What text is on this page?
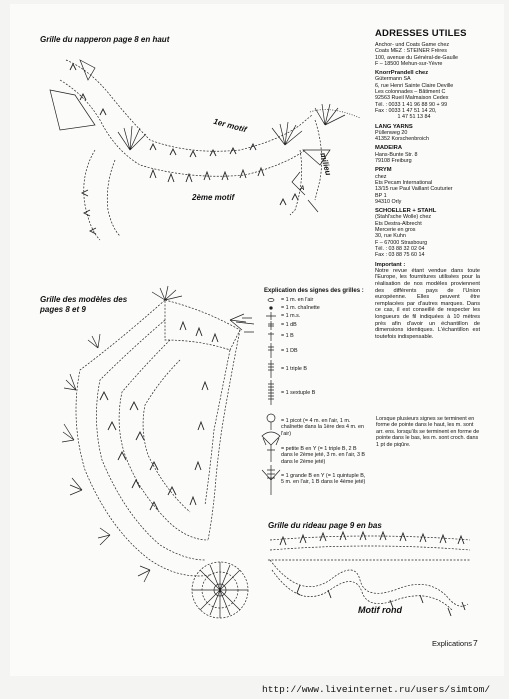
Grille du napperon page 8 en haut
Grille des modèles des
pages 8 et 9
Grille du rideau page 9 en bas
1er motif
2ème motif
milieu
Motif rond
A
ADRESSES UTILES
Anchor- und Coats Game chez
Coats MEZ : STEINER Frères
100, avenue du Général-de-Gaulle
F – 18500 Mehun-sur-Yèvre
KnorrPrandell chez
Gütermann SA
6, rue Henri Sainte Claire Deville
Les colonnades – Bâtiment C
92563 Rueil Malmaison Cedex
Tél. : 0033 1 41 96 88 90 + 99
Fax : 0033 1 47 51 14 20,
1 47 51 13 84
LANG YARNS
Püllenweg 20
41352 Korschenbroich
MADEIRA
Hans-Bunte Str. 8
79108 Freiburg
PRYM
chez
Ets Pecam International
13/15 rue Paul Vaillant Couturier
BP 1
94310 Orly
SCHOELLER + STAHL
(Stahl'sche Wolle) chez
Ets Destra-Albrecht
Mercerie en gros
30, rue Kuhn
F – 67000 Strasbourg
Tél. : 03 88 32 02 04
Fax : 03 88 75 60 14
Important :
Notre revue étant vendue dans toute l'Europe, les fournitures utilisées pour la réalisation de nos modèles proviennent des différents pays de l'Union européenne. Elles peuvent être remplacées par d'autres marques. Dans ce cas, il est conseillé de respecter les longueurs de fil indiquées à 10 mètres près afin d'avoir un échantillon de dimensions identiques. L'échantillon est toutefois indispensable.
Explication des signes des grilles :
= 1 m. en l'air
= 1 m. chaînette
= 1 m.s.
= 1 dB
= 1 B
= 1 DB
= 1 triple B
= 1 sextuple B
= 1 picot (= 4 m. en l'air, 1 m. chaînette dans la 1ère des 4 m. en l'air)
= petite B en Y (= 1 triple B, 2 B dans le 2ème jeté, 3 m. en l'air, 3 B dans le 2ème jeté)
= 1 grande B en Y (= 1 quintuple B, 5 m. en l'air, 1 B dans le 4ème jeté)
Lorsque plusieurs signes se terminent en forme de pointe dans le haut, les m. sont arr. ens. lorsqu'ils se terminent en forme de pointe dans le bas, les m. sont croch. dans 1 pt de piqûre.
Explications 7
http://www.liveinternet.ru/users/simtom/
